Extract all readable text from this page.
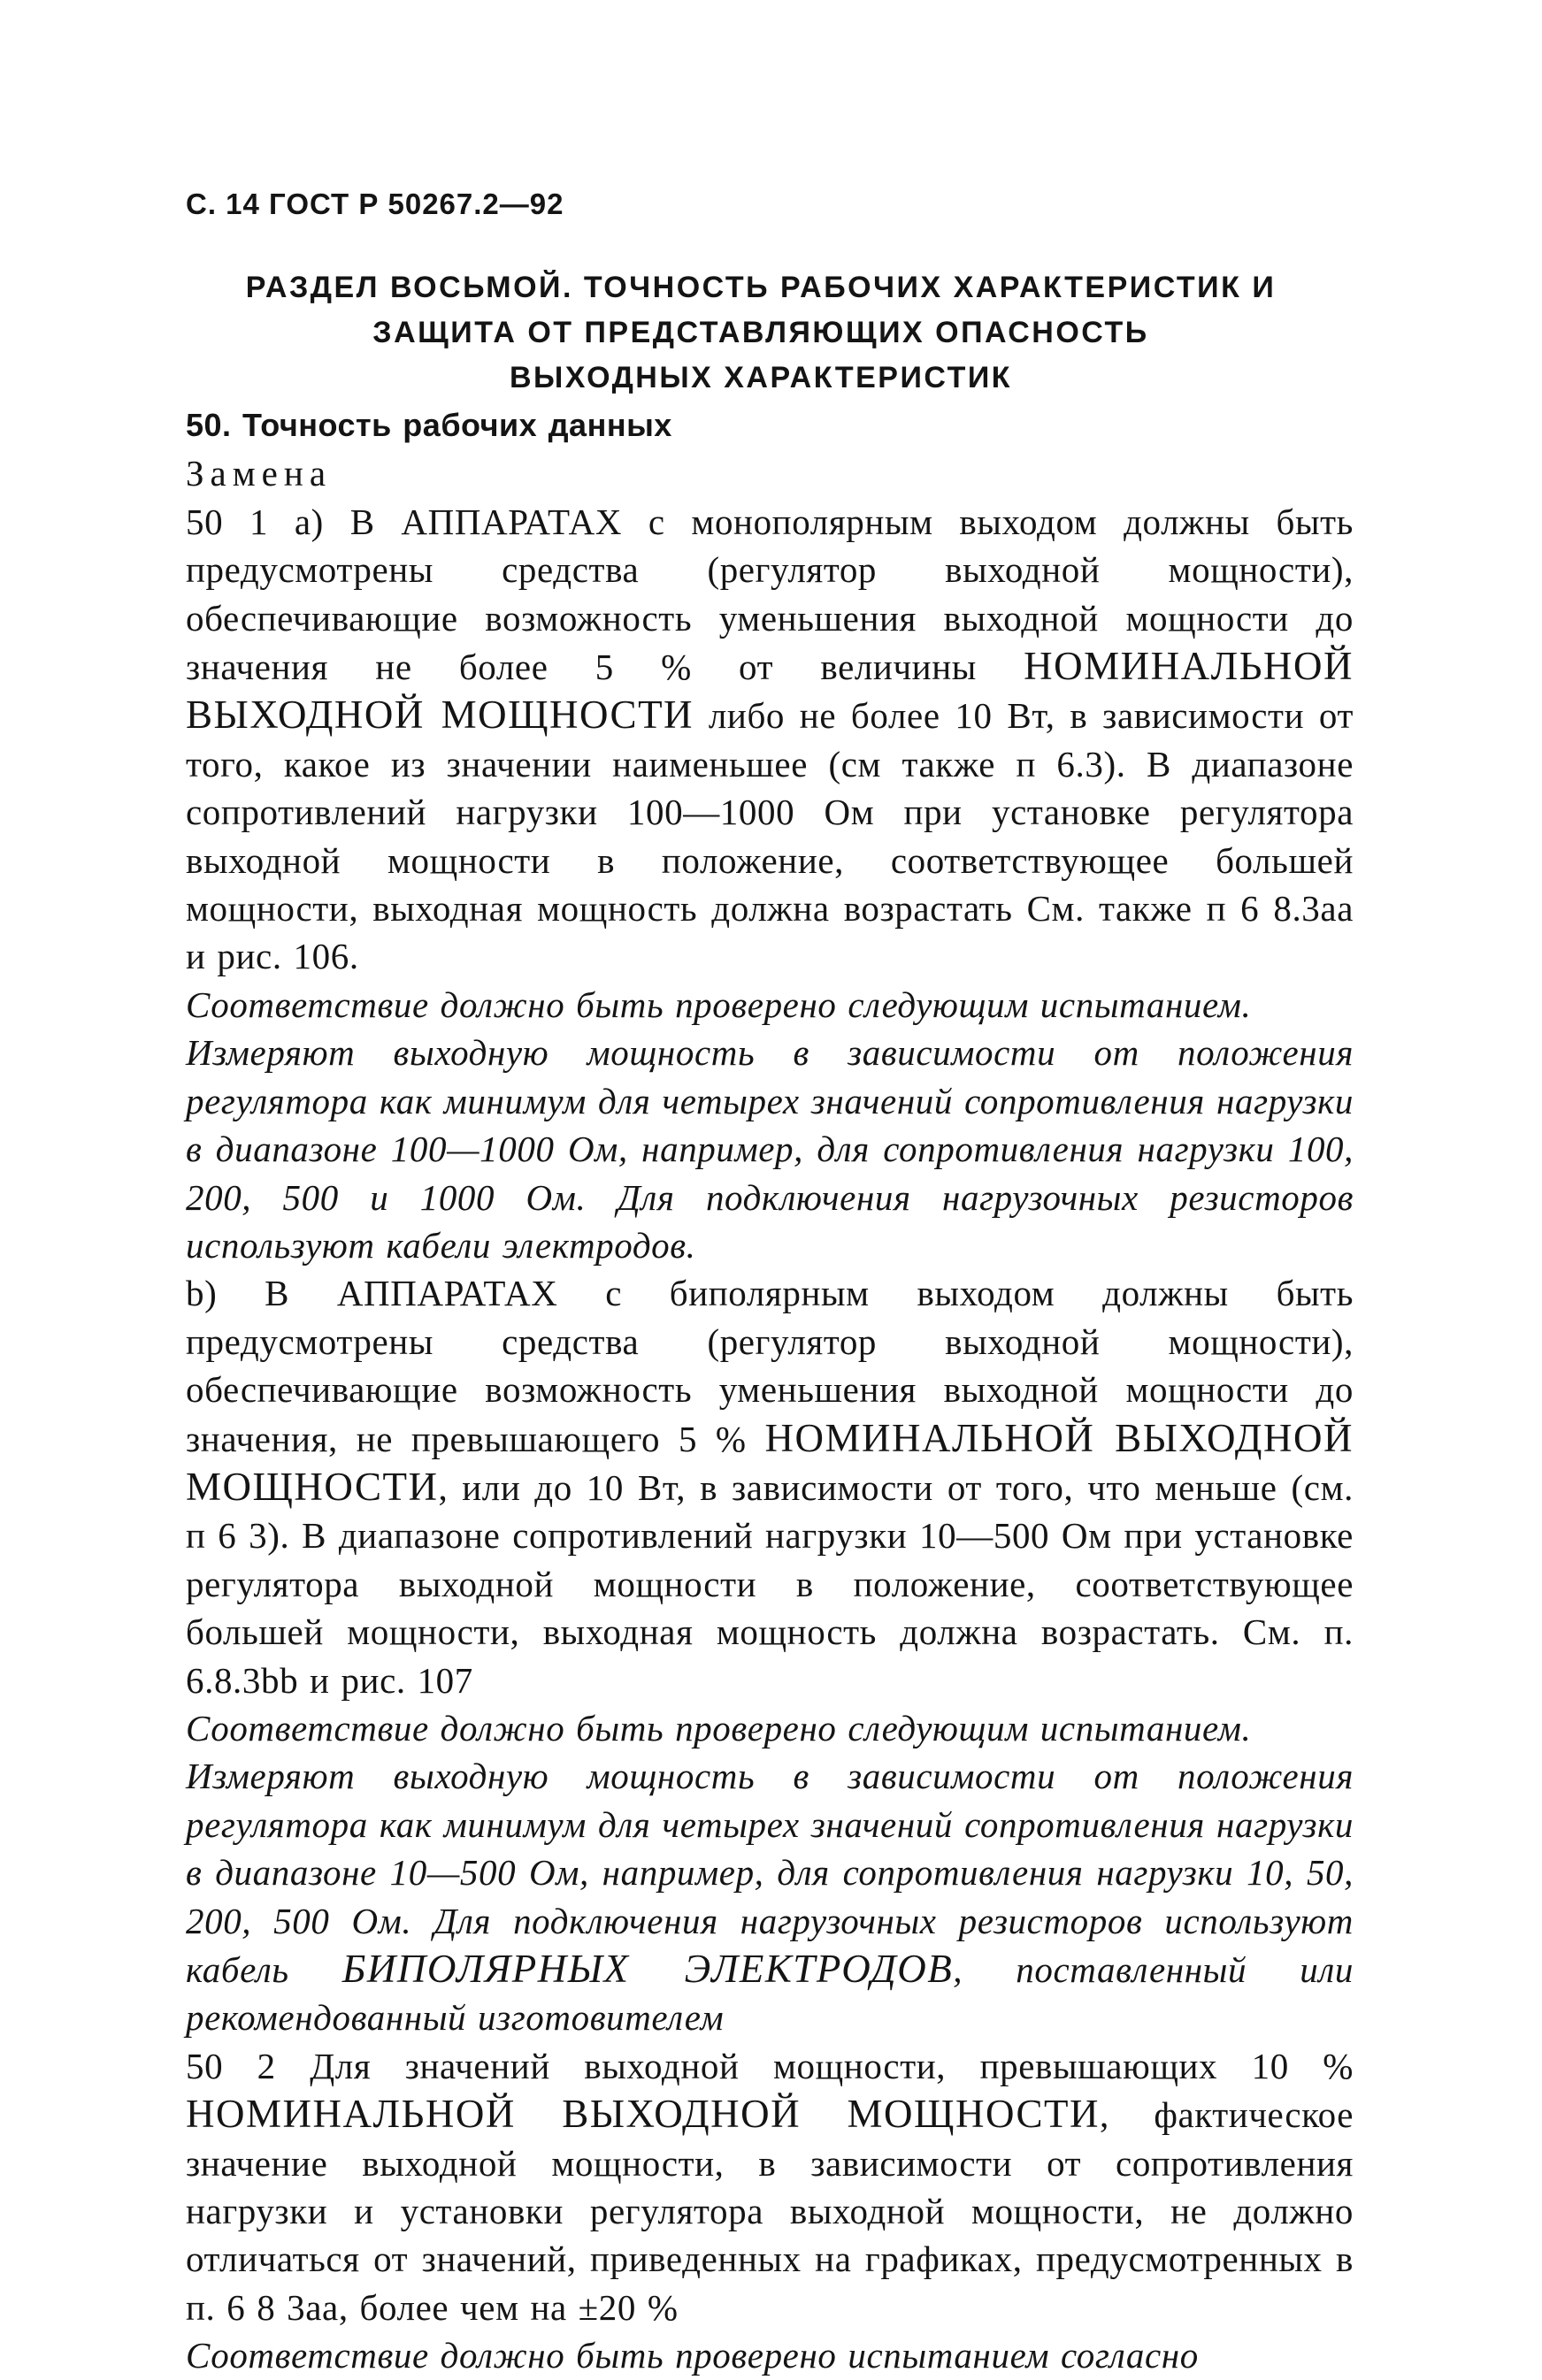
С. 14 ГОСТ Р 50267.2—92
РАЗДЕЛ ВОСЬМОЙ. ТОЧНОСТЬ РАБОЧИХ ХАРАКТЕРИСТИК И
ЗАЩИТА ОТ ПРЕДСТАВЛЯЮЩИХ ОПАСНОСТЬ
ВЫХОДНЫХ ХАРАКТЕРИСТИК

50. Точность рабочих данных

Замена

50 1 а) В АППАРАТАХ с монополярным выходом должны быть предусмотрены средства (регулятор выходной мощности), обеспечивающие возможность уменьшения выходной мощности до значения не более 5 % от величины НОМИНАЛЬНОЙ ВЫХОДНОЙ МОЩНОСТИ либо не более 10 Вт, в зависимости от того, какое из значении наименьшее (см также п 6.3). В диапазоне сопротивлений нагрузки 100—1000 Ом при установке регулятора выходной мощности в положение, соответствующее большей мощности, выходная мощность должна возрастать См. также п 6 8.3аа и рис. 106.

Соответствие должно быть проверено следующим испытанием.

Измеряют выходную мощность в зависимости от положения регулятора как минимум для четырех значений сопротивления нагрузки в диапазоне 100—1000 Ом, например, для сопротивления нагрузки 100, 200, 500 и 1000 Ом. Для подключения нагрузочных резисторов используют кабели электродов.

b) В АППАРАТАХ с биполярным выходом должны быть предусмотрены средства (регулятор выходной мощности), обеспечивающие возможность уменьшения выходной мощности до значения, не превышающего 5 % НОМИНАЛЬНОЙ ВЫХОДНОЙ МОЩНОСТИ, или до 10 Вт, в зависимости от того, что меньше (см. п 6 3). В диапазоне сопротивлений нагрузки 10—500 Ом при установке регулятора выходной мощности в положение, соответствующее большей мощности, выходная мощность должна возрастать. См. п. 6.8.3bb и рис. 107

Соответствие должно быть проверено следующим испытанием.

Измеряют выходную мощность в зависимости от положения регулятора как минимум для четырех значений сопротивления нагрузки в диапазоне 10—500 Ом, например, для сопротивления нагрузки 10, 50, 200, 500 Ом. Для подключения нагрузочных резисторов используют кабель БИПОЛЯРНЫХ ЭЛЕКТРОДОВ, поставленный или рекомендованный изготовителем

50 2 Для значений выходной мощности, превышающих 10 % НОМИНАЛЬНОЙ ВЫХОДНОЙ МОЩНОСТИ, фактическое значение выходной мощности, в зависимости от сопротивления нагрузки и установки регулятора выходной мощности, не должно отличаться от значений, приведенных на графиках, предусмотренных в п. 6 8 3аа, более чем на ±20 %

Соответствие должно быть проверено испытанием согласно
